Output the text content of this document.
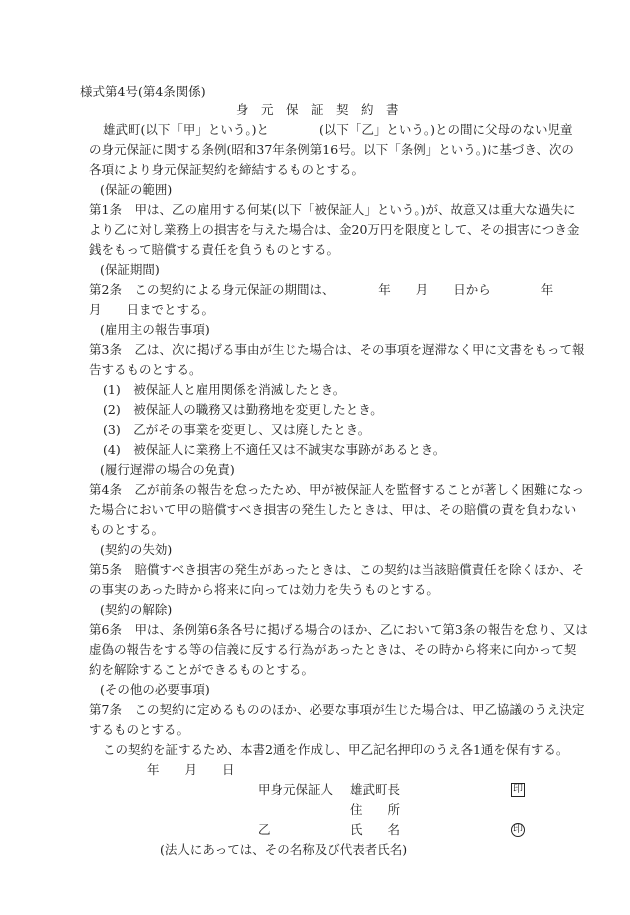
様式第4号(第4条関係)
身　元　保　証　契　約　書
雄武町(以下「甲」という。)と　　　　(以下「乙」という。)との間に父母のない児童
の身元保証に関する条例(昭和37年条例第16号。以下「条例」という。)に基づき、次の
各項により身元保証契約を締結するものとする。
(保証の範囲)
第1条　甲は、乙の雇用する何某(以下「被保証人」という。)が、故意又は重大な過失に
より乙に対し業務上の損害を与えた場合は、金20万円を限度として、その損害につき金
銭をもって賠償する責任を負うものとする。
(保証期間)
第2条　この契約による身元保証の期間は、　　　　年　　月　　日から　　　　年
月　　日までとする。
(雇用主の報告事項)
第3条　乙は、次に掲げる事由が生じた場合は、その事項を遅滞なく甲に文書をもって報
告するものとする。
(1)　被保証人と雇用関係を消滅したとき。
(2)　被保証人の職務又は勤務地を変更したとき。
(3)　乙がその事業を変更し、又は廃したとき。
(4)　被保証人に業務上不適任又は不誠実な事跡があるとき。
(履行遅滞の場合の免責)
第4条　乙が前条の報告を怠ったため、甲が被保証人を監督することが著しく困難になっ
た場合において甲の賠償すべき損害の発生したときは、甲は、その賠償の責を負わない
ものとする。
(契約の失効)
第5条　賠償すべき損害の発生があったときは、この契約は当該賠償責任を除くほか、そ
の事実のあった時から将来に向っては効力を失うものとする。
(契約の解除)
第6条　甲は、条例第6条各号に掲げる場合のほか、乙において第3条の報告を怠り、又は
虚偽の報告をする等の信義に反する行為があったときは、その時から将来に向かって契
約を解除することができるものとする。
(その他の必要事項)
第7条　この契約に定めるもののほか、必要な事項が生じた場合は、甲乙協議のうえ決定
するものとする。
この契約を証するため、本書2通を作成し、甲乙記名押印のうえ各1通を保有する。
年　　月　　日
甲身元保証人 雄武町長	印
住　　所
乙	氏　　名	印
(法人にあっては、その名称及び代表者氏名)
